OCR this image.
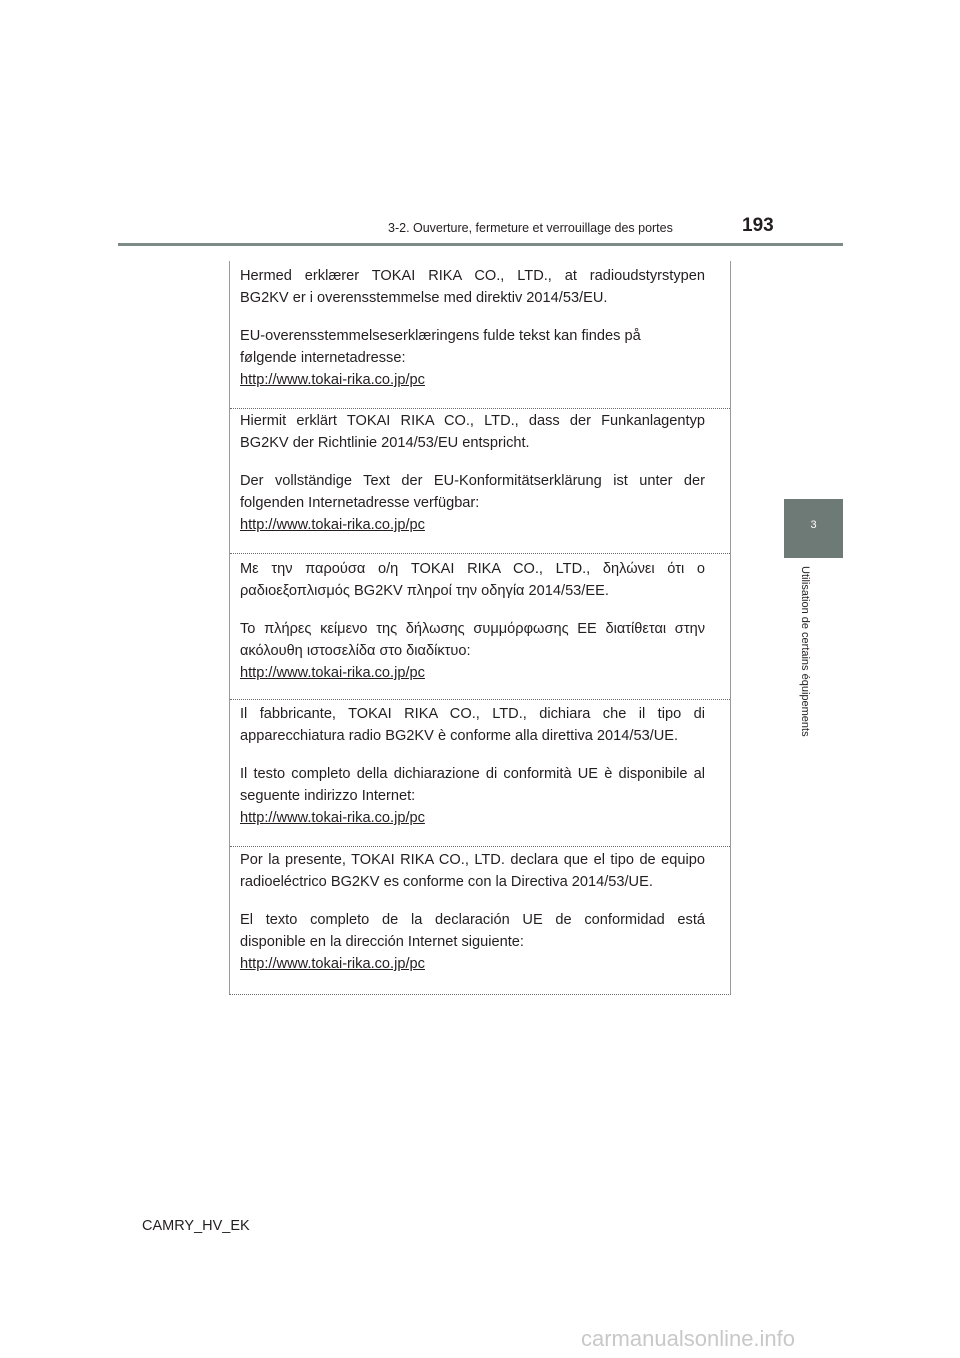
3-2. Ouverture, fermeture et verrouillage des portes	193
3
Utilisation de certains équipements

Hermed erklærer TOKAI RIKA CO., LTD., at radioudstyrstypen
BG2KV er i overensstemmelse med direktiv 2014/53/EU.

EU-overensstemmelseserklæringens fulde tekst kan findes på
følgende internetadresse:

http://www.tokai-rika.co.jp/pc

Hiermit erklärt TOKAI RIKA CO., LTD., dass der Funkanlagentyp
BG2KV der Richtlinie 2014/53/EU entspricht.

Der vollständige Text der EU-Konformitätserklärung ist unter der
folgenden Internetadresse verfügbar:

http://www.tokai-rika.co.jp/pc

Με την παρούσα ο/η TOKAI RIKA CO., LTD., δηλώνει ότι ο
ραδιοεξοπλισμός BG2KV πληροί την οδηγία 2014/53/ΕΕ.

Το πλήρες κείμενο της δήλωσης συμμόρφωσης ΕΕ διατίθεται στην
ακόλουθη ιστοσελίδα στο διαδίκτυο:

http://www.tokai-rika.co.jp/pc

Il fabbricante, TOKAI RIKA CO., LTD., dichiara che il tipo di
apparecchiatura radio BG2KV è conforme alla direttiva 2014/53/UE.

Il testo completo della dichiarazione di conformità UE è disponibile al
seguente indirizzo Internet:

http://www.tokai-rika.co.jp/pc

Por la presente, TOKAI RIKA CO., LTD. declara que el tipo de equipo
radioeléctrico BG2KV es conforme con la Directiva 2014/53/UE.

El texto completo de la declaración UE de conformidad está
disponible en la dirección Internet siguiente:

http://www.tokai-rika.co.jp/pc
CAMRY_HV_EK
carmanualsonline.info
